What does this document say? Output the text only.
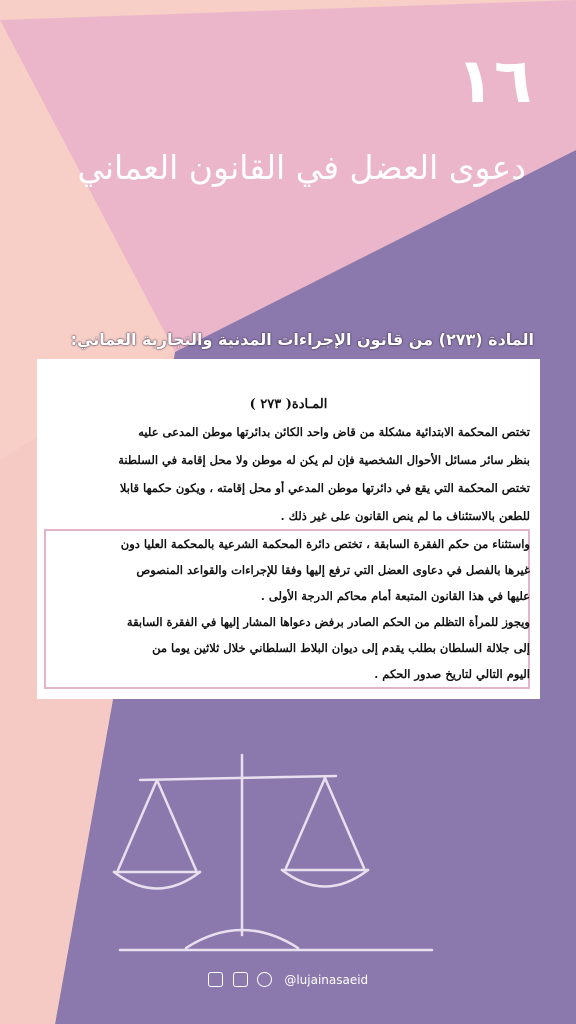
١٦
دعوى العضل في القانون العماني
المادة (٢٧٣) من قانون الإجراءات المدنية والتجارية العماني:
المـادة( ٢٧٣ )
تختص المحكمة الابتدائية مشكلة من قاض واحد الكائن بدائرتها موطن المدعى عليه
بنظر سائر مسائل الأحوال الشخصية فإن لم يكن له موطن ولا محل إقامة في السلطنة
تختص المحكمة التي يقع في دائرتها موطن المدعي أو محل إقامته ، ويكون حكمها قابلا
للطعن بالاستئناف ما لم ينص القانون على غير ذلك .
واستثناء من حكم الفقرة السابقة ، تختص دائرة المحكمة الشرعية بالمحكمة العليا دون
غيرها بالفصل في دعاوى العضل التي ترفع إليها وفقا للإجراءات والقواعد المنصوص
عليها في هذا القانون المتبعة أمام محاكم الدرجة الأولى .
ويجوز للمرأة التظلم من الحكم الصادر برفض دعواها المشار إليها في الفقرة السابقة
إلى جلالة السلطان بطلب يقدم إلى ديوان البلاط السلطاني خلال ثلاثين يوما من
اليوم التالي لتاريخ صدور الحكم .
@lujainasaeid
